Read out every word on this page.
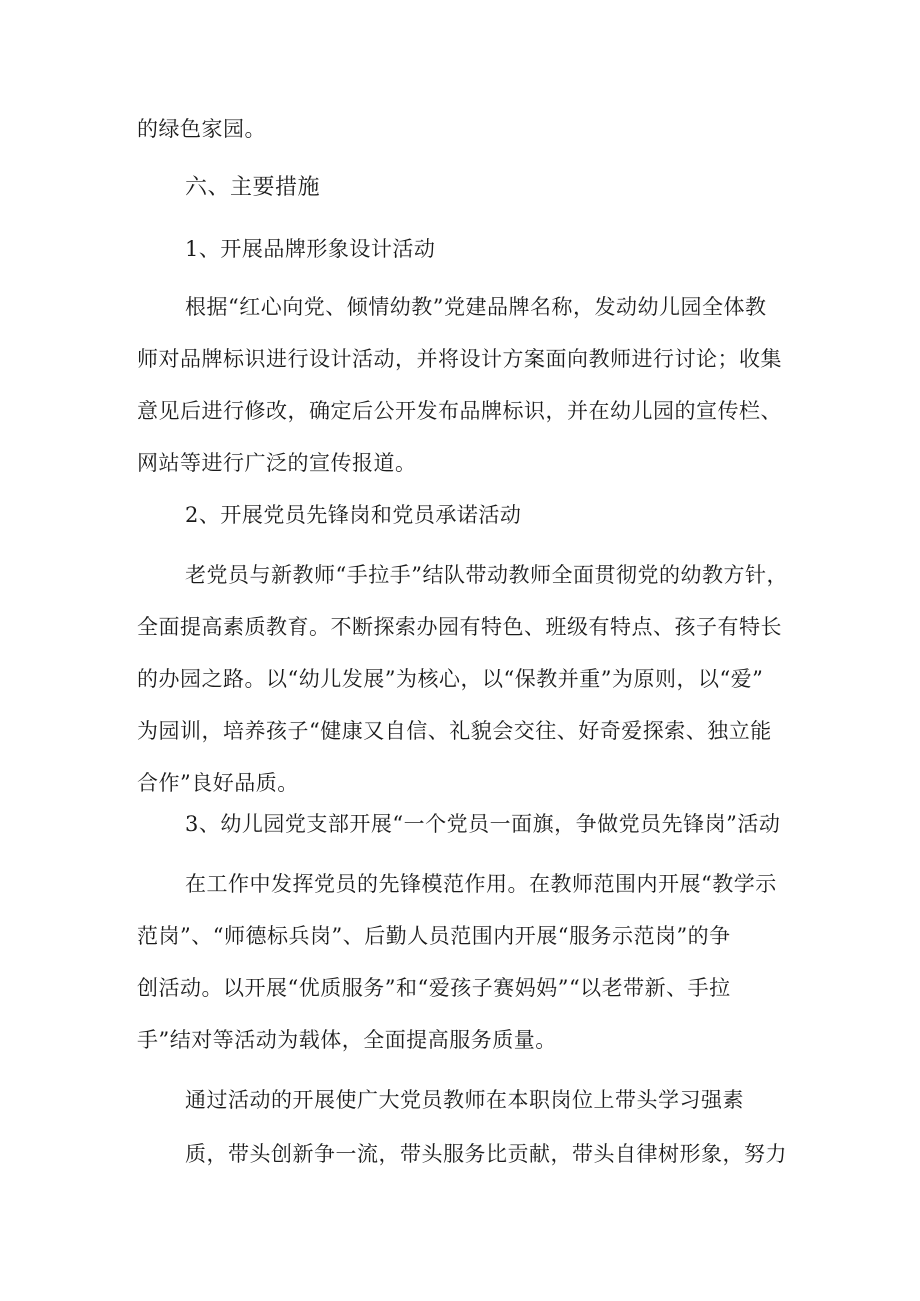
的绿色家园。
六、主要措施
1、开展品牌形象设计活动
根据“红心向党、倾情幼教”党建品牌名称，发动幼儿园全体教
师对品牌标识进行设计活动，并将设计方案面向教师进行讨论；收集
意见后进行修改，确定后公开发布品牌标识，并在幼儿园的宣传栏、
网站等进行广泛的宣传报道。
2、开展党员先锋岗和党员承诺活动
老党员与新教师“手拉手”结队带动教师全面贯彻党的幼教方针，
全面提高素质教育。不断探索办园有特色、班级有特点、孩子有特长
的办园之路。以“幼儿发展”为核心，以“保教并重”为原则，以“爱”
为园训，培养孩子“健康又自信、礼貌会交往、好奇爱探索、独立能
合作”良好品质。
3、幼儿园党支部开展“一个党员一面旗，争做党员先锋岗”活动
在工作中发挥党员的先锋模范作用。在教师范围内开展“教学示
范岗”、“师德标兵岗”、后勤人员范围内开展“服务示范岗”的争
创活动。以开展“优质服务”和“爱孩子赛妈妈”“以老带新、手拉
手”结对等活动为载体，全面提高服务质量。
通过活动的开展使广大党员教师在本职岗位上带头学习强素
质，带头创新争一流，带头服务比贡献，带头自律树形象，努力
